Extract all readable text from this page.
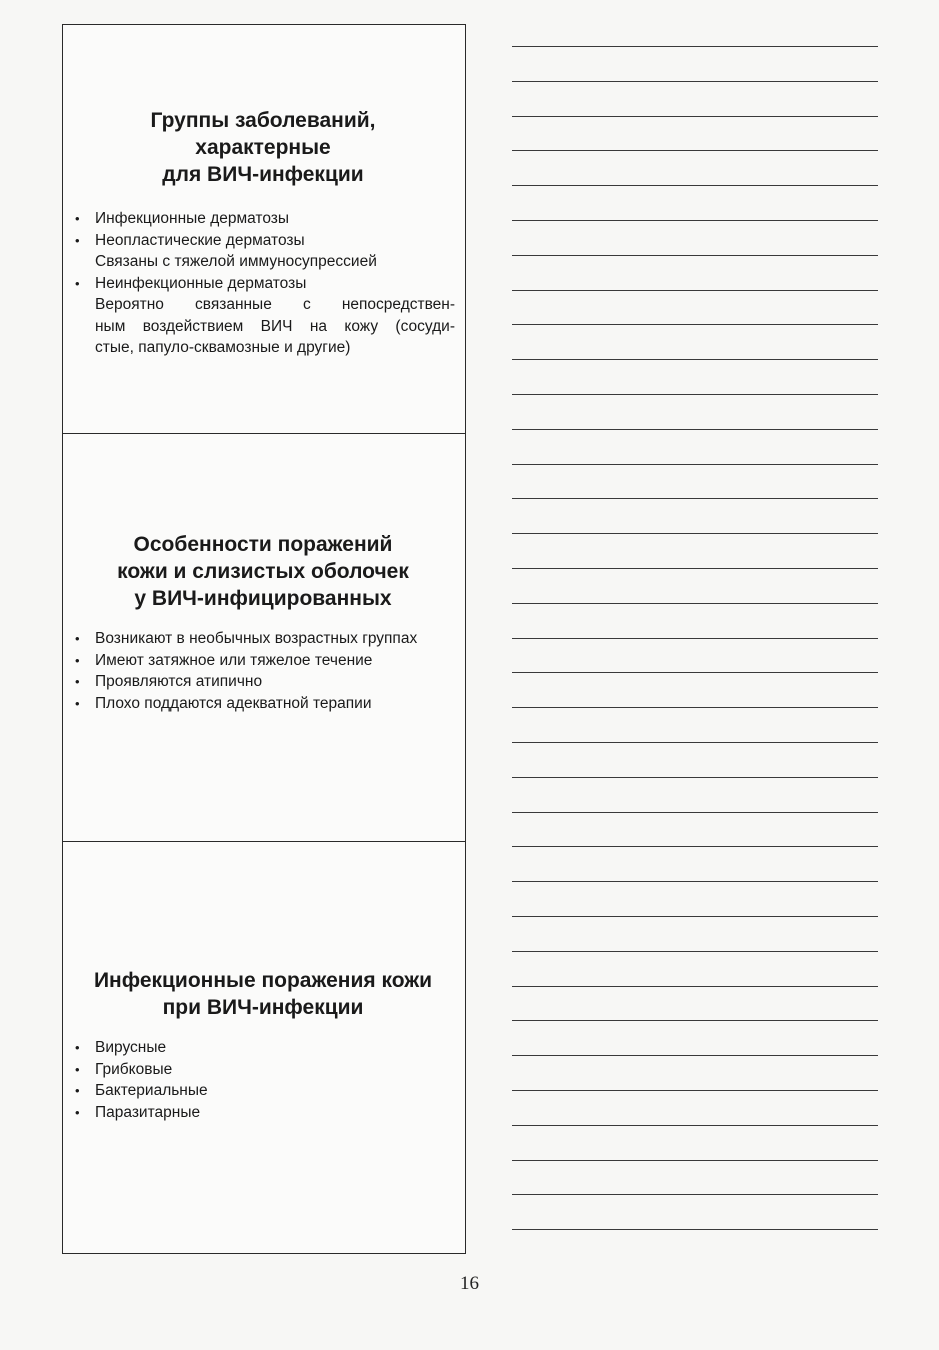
Группы заболеваний,
характерные
для ВИЧ-инфекции
• Инфекционные дерматозы
• Неопластические дерматозы
Связаны с тяжелой иммуносупрессией
• Неинфекционные дерматозы
Вероятно связанные с непосредствен-
ным воздействием ВИЧ на кожу (сосуди-
стые, папуло-сквамозные и другие)
Особенности поражений
кожи и слизистых оболочек
у ВИЧ-инфицированных
• Возникают в необычных возрастных группах
• Имеют затяжное или тяжелое течение
• Проявляются атипично
• Плохо поддаются адекватной терапии
Инфекционные поражения кожи
при ВИЧ-инфекции
• Вирусные
• Грибковые
• Бактериальные
• Паразитарные
16
